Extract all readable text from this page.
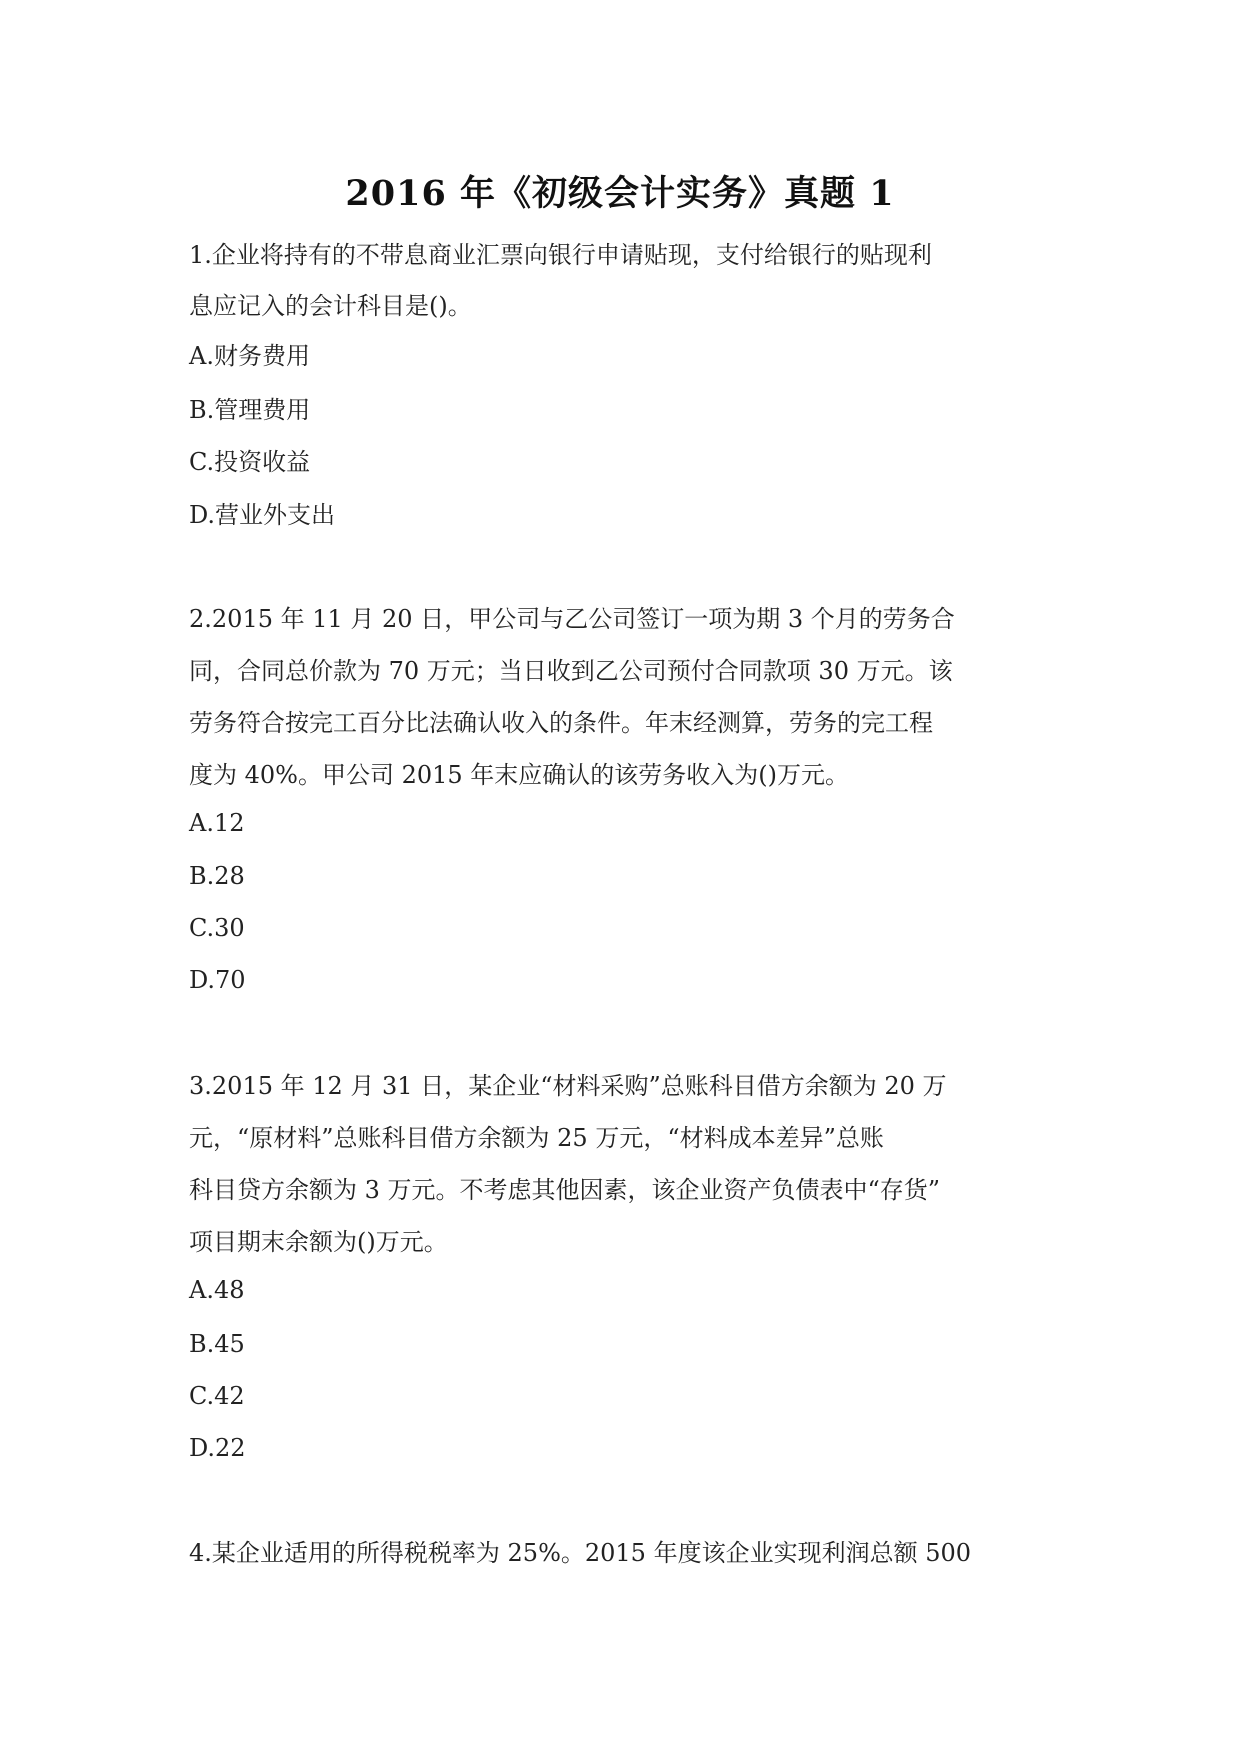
2016 年《初级会计实务》真题 1
1.企业将持有的不带息商业汇票向银行申请贴现，支付给银行的贴现利
息应记入的会计科目是()。
A.财务费用
B.管理费用
C.投资收益
D.营业外支出
2.2015 年 11 月 20 日，甲公司与乙公司签订一项为期 3 个月的劳务合
同，合同总价款为 70 万元；当日收到乙公司预付合同款项 30 万元。该
劳务符合按完工百分比法确认收入的条件。年末经测算，劳务的完工程
度为 40%。甲公司 2015 年末应确认的该劳务收入为()万元。
A.12
B.28
C.30
D.70
3.2015 年 12 月 31 日，某企业“材料采购”总账科目借方余额为 20 万
元，“原材料”总账科目借方余额为 25 万元，“材料成本差异”总账
科目贷方余额为 3 万元。不考虑其他因素，该企业资产负债表中“存货”
项目期末余额为()万元。
A.48
B.45
C.42
D.22
4.某企业适用的所得税税率为 25%。2015 年度该企业实现利润总额 500
